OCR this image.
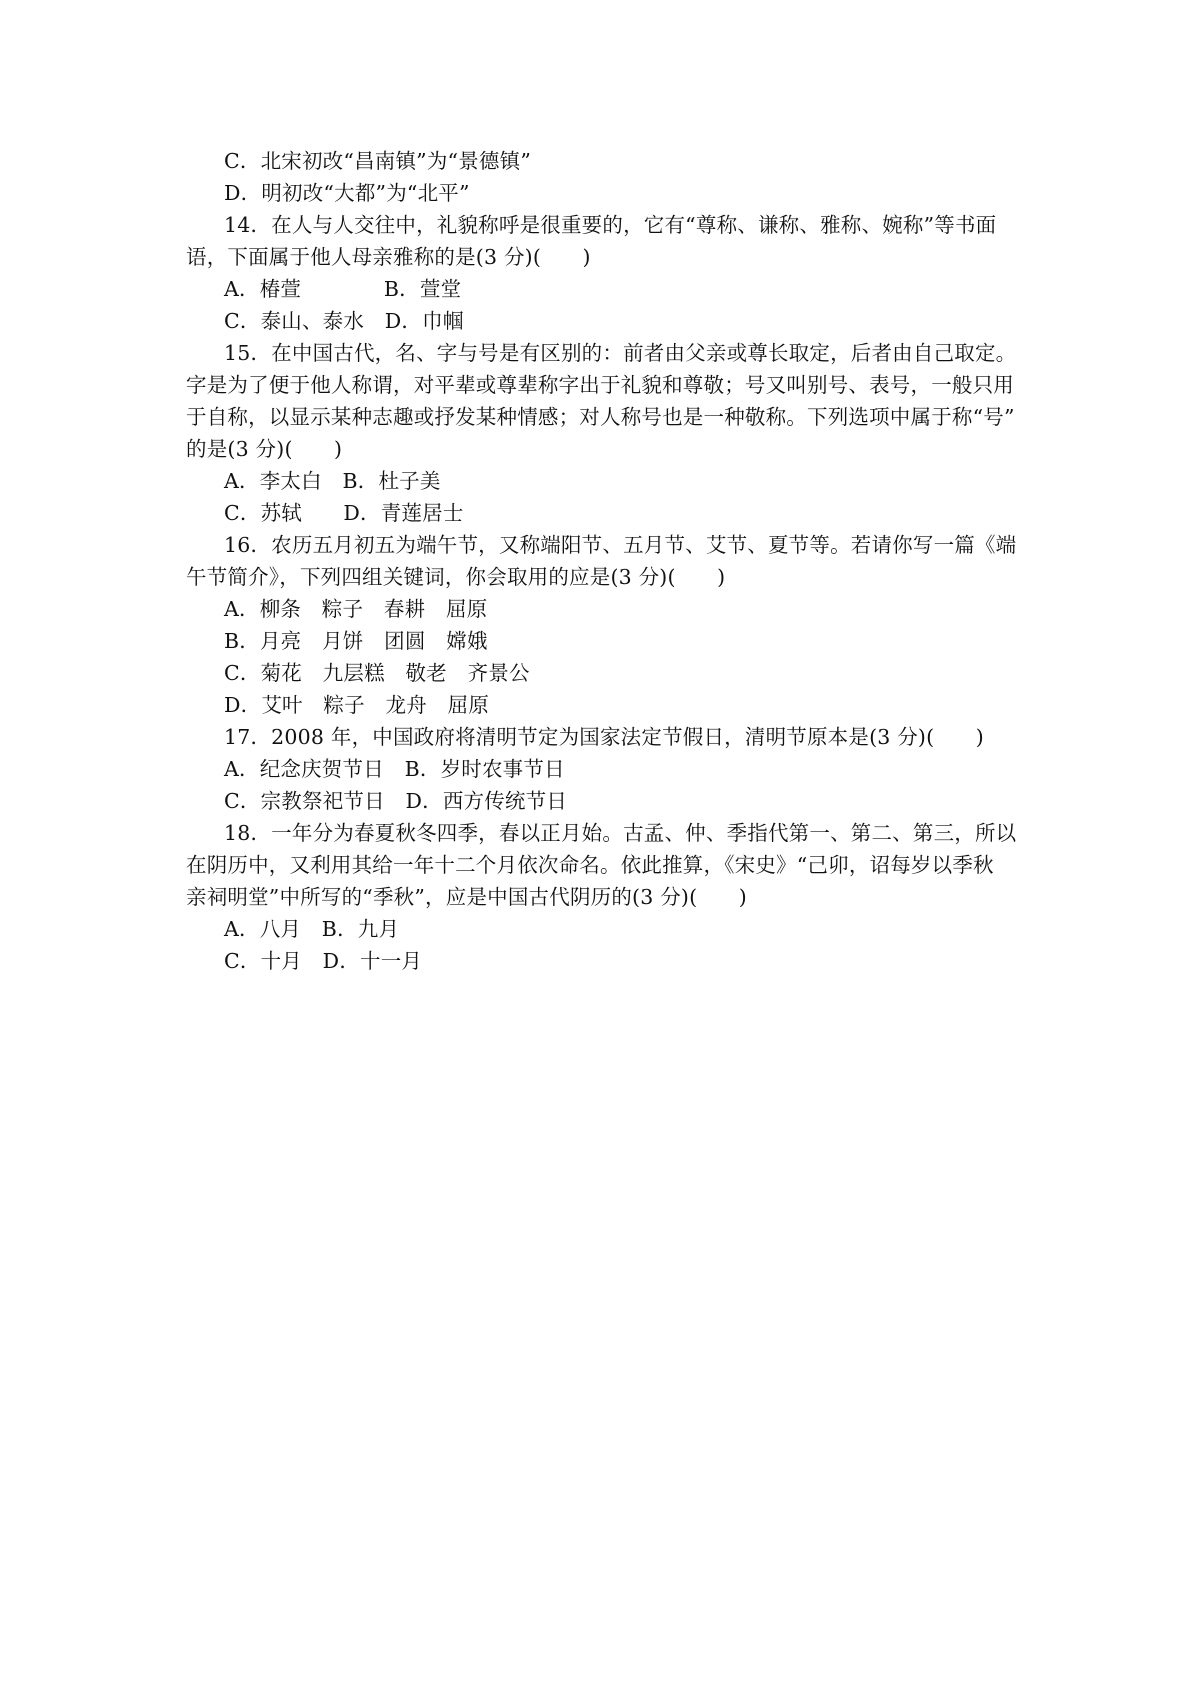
C．北宋初改“昌南镇”为“景德镇”
D．明初改“大都”为“北平”
14．在人与人交往中，礼貌称呼是很重要的，它有“尊称、谦称、雅称、婉称”等书面
语，下面属于他人母亲雅称的是(3 分)(　　)
A．椿萱　　　　B．萱堂
C．泰山、泰水　D．巾帼
15．在中国古代，名、字与号是有区别的：前者由父亲或尊长取定，后者由自己取定。
字是为了便于他人称谓，对平辈或尊辈称字出于礼貌和尊敬；号又叫别号、表号，一般只用
于自称，以显示某种志趣或抒发某种情感；对人称号也是一种敬称。下列选项中属于称“号”
的是(3 分)(　　)
A．李太白　B．杜子美
C．苏轼　　D．青莲居士
16．农历五月初五为端午节，又称端阳节、五月节、艾节、夏节等。若请你写一篇《端
午节简介》，下列四组关键词，你会取用的应是(3 分)(　　)
A．柳条　粽子　春耕　屈原
B．月亮　月饼　团圆　嫦娥
C．菊花　九层糕　敬老　齐景公
D．艾叶　粽子　龙舟　屈原
17．2008 年，中国政府将清明节定为国家法定节假日，清明节原本是(3 分)(　　)
A．纪念庆贺节日　B．岁时农事节日
C．宗教祭祀节日　D．西方传统节日
18．一年分为春夏秋冬四季，春以正月始。古孟、仲、季指代第一、第二、第三，所以
在阴历中，又利用其给一年十二个月依次命名。依此推算，《宋史》“己卯，诏每岁以季秋
亲祠明堂”中所写的“季秋”，应是中国古代阴历的(3 分)(　　)
A．八月　B．九月
C．十月　D．十一月
